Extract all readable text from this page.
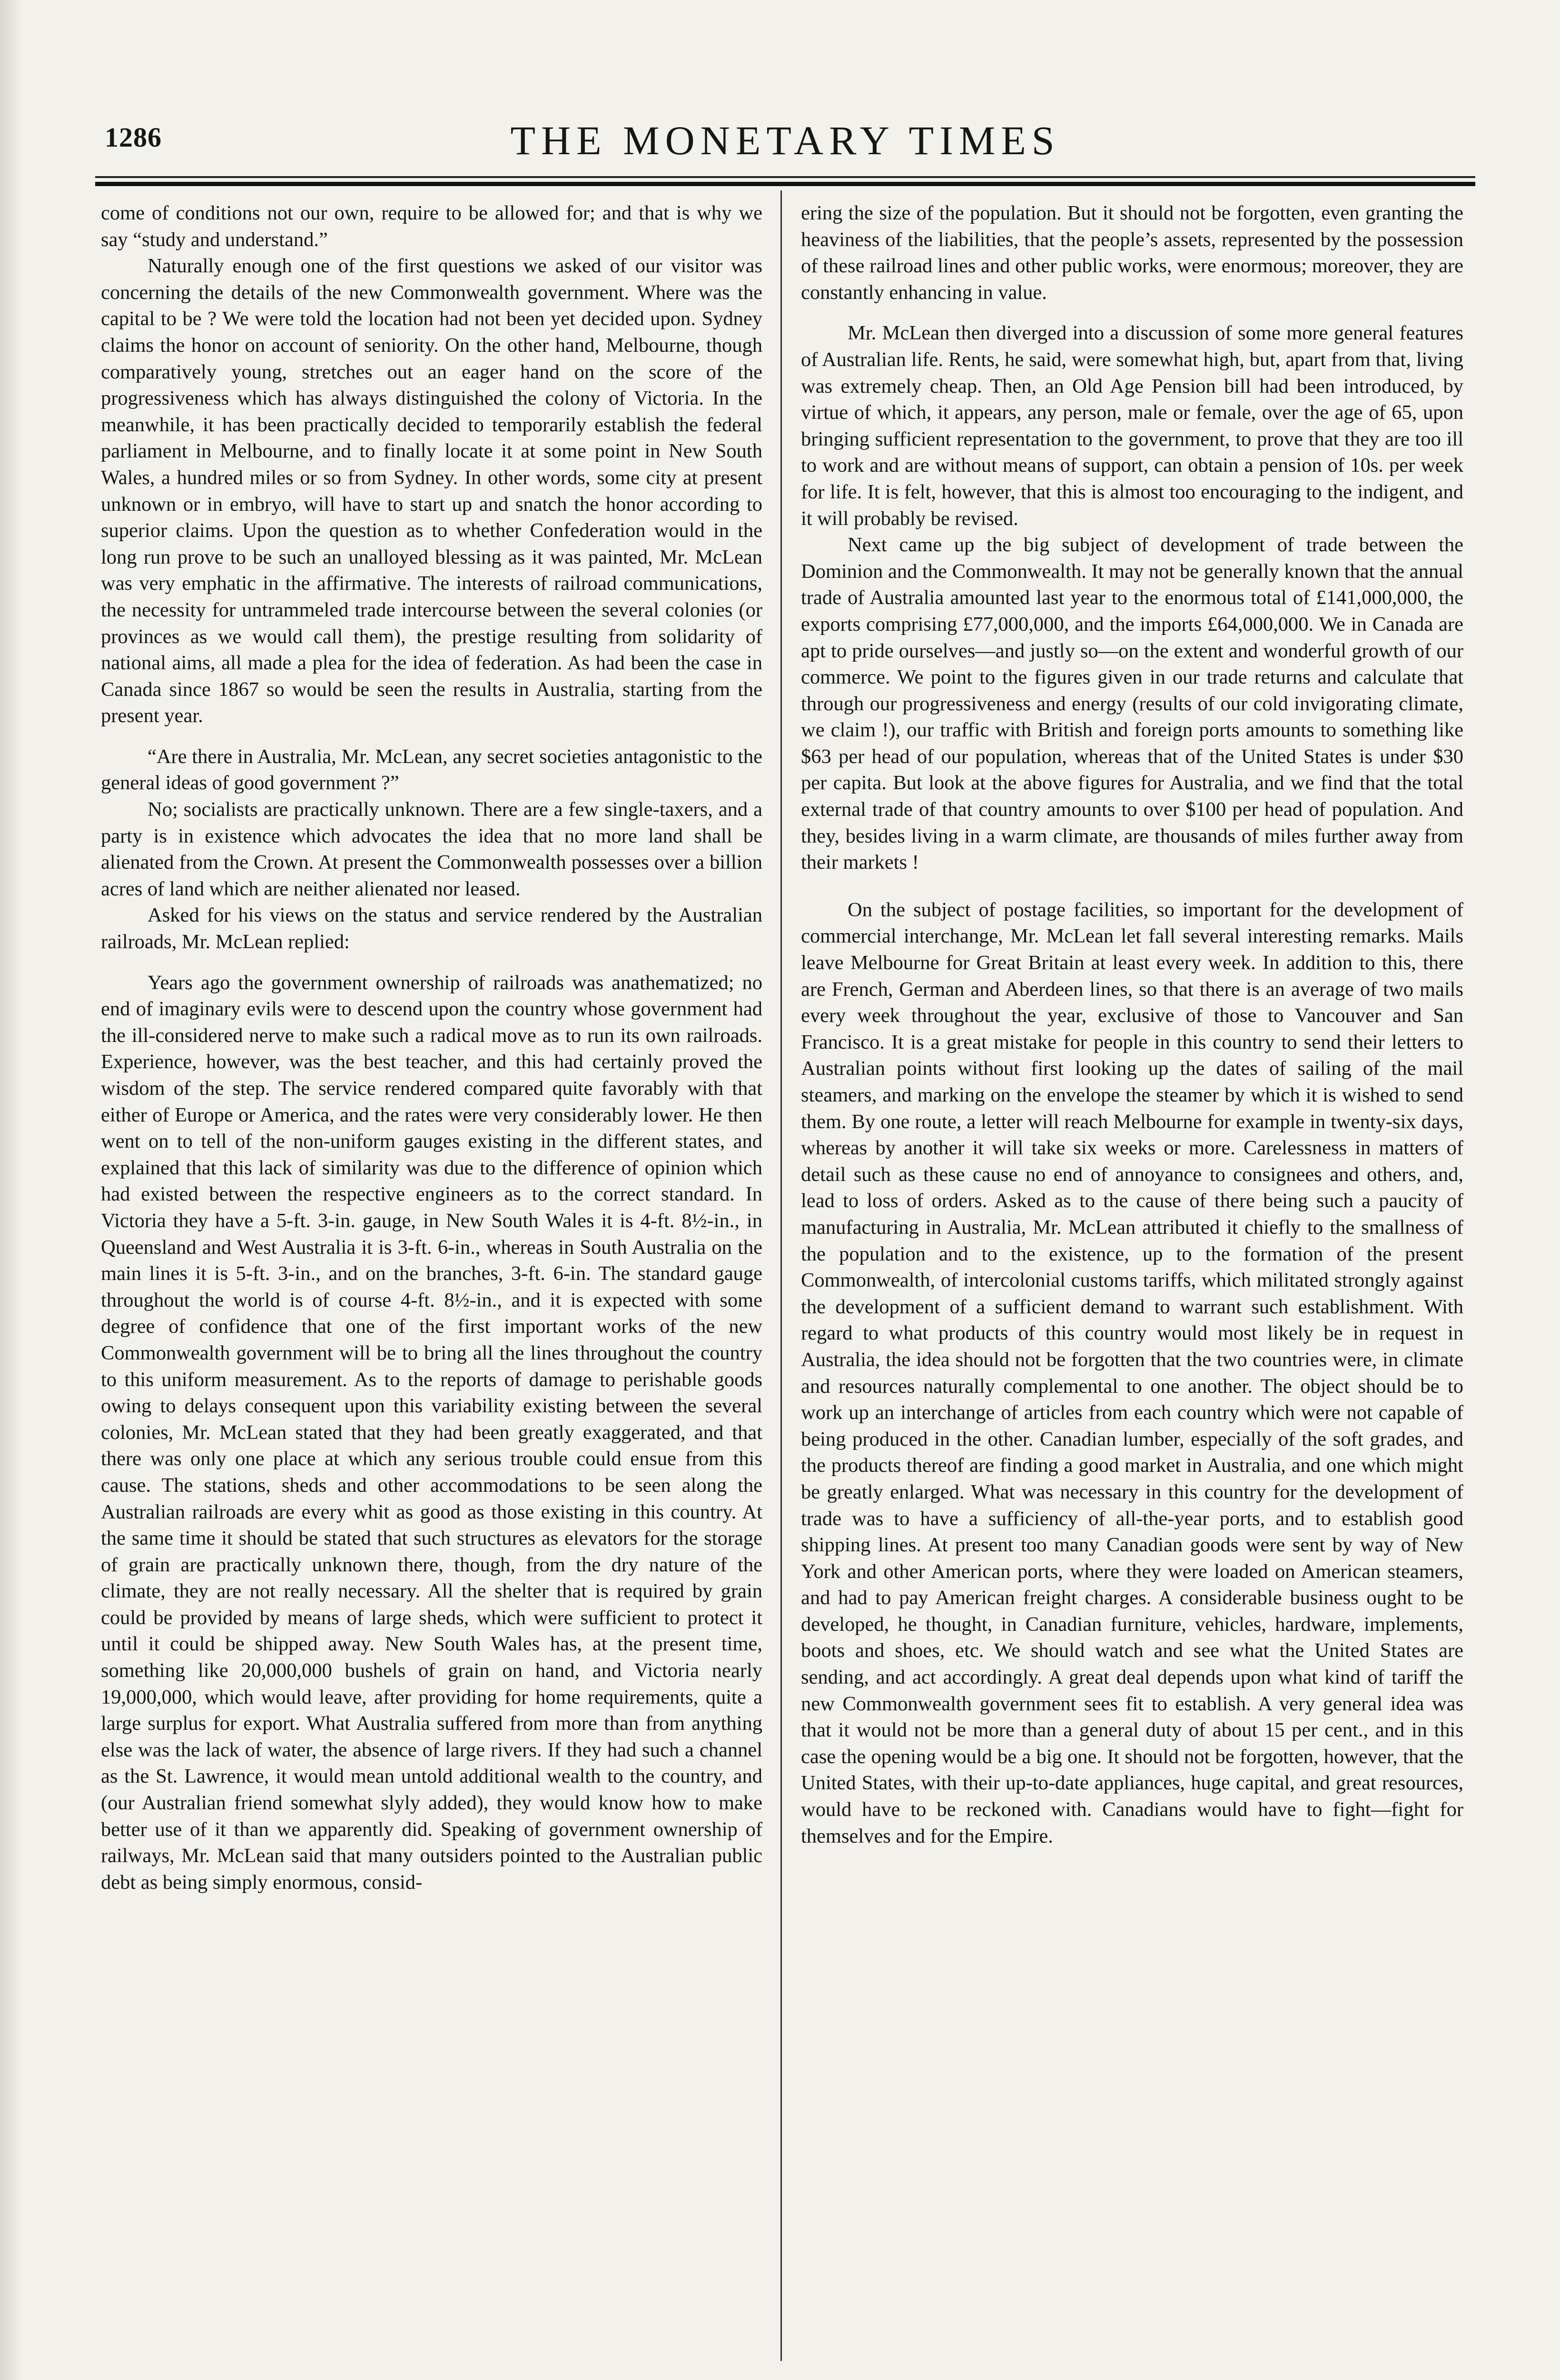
1286	THE MONETARY TIMES

come of conditions not our own, require to be allowed for; and that is why we say “study and understand.”

Naturally enough one of the first questions we asked of our visitor was concerning the details of the new Commonwealth government. Where was the capital to be ? We were told the location had not been yet decided upon. Sydney claims the honor on account of seniority. On the other hand, Melbourne, though comparatively young, stretches out an eager hand on the score of the progressiveness which has always distinguished the colony of Victoria. In the meanwhile, it has been practically decided to temporarily establish the federal parliament in Melbourne, and to finally locate it at some point in New South Wales, a hundred miles or so from Sydney. In other words, some city at present unknown or in embryo, will have to start up and snatch the honor according to superior claims. Upon the question as to whether Confederation would in the long run prove to be such an unalloyed blessing as it was painted, Mr. McLean was very emphatic in the affirmative. The interests of railroad communications, the necessity for untrammeled trade intercourse between the several colonies (or provinces as we would call them), the prestige resulting from solidarity of national aims, all made a plea for the idea of federation. As had been the case in Canada since 1867 so would be seen the results in Australia, starting from the present year.

“Are there in Australia, Mr. McLean, any secret societies antagonistic to the general ideas of good government ?”

No; socialists are practically unknown. There are a few single-taxers, and a party is in existence which advocates the idea that no more land shall be alienated from the Crown. At present the Commonwealth possesses over a billion acres of land which are neither alienated nor leased.

Asked for his views on the status and service rendered by the Australian railroads, Mr. McLean replied:

Years ago the government ownership of railroads was anathematized; no end of imaginary evils were to descend upon the country whose government had the ill-considered nerve to make such a radical move as to run its own railroads. Experience, however, was the best teacher, and this had certainly proved the wisdom of the step. The service rendered compared quite favorably with that either of Europe or America, and the rates were very considerably lower. He then went on to tell of the non-uniform gauges existing in the different states, and explained that this lack of similarity was due to the difference of opinion which had existed between the respective engineers as to the correct standard. In Victoria they have a 5-ft. 3-in. gauge, in New South Wales it is 4-ft. 8½-in., in Queensland and West Australia it is 3-ft. 6-in., whereas in South Australia on the main lines it is 5-ft. 3-in., and on the branches, 3-ft. 6-in. The standard gauge throughout the world is of course 4-ft. 8½-in., and it is expected with some degree of confidence that one of the first important works of the new Commonwealth government will be to bring all the lines throughout the country to this uniform measurement. As to the reports of damage to perishable goods owing to delays consequent upon this variability existing between the several colonies, Mr. McLean stated that they had been greatly exaggerated, and that there was only one place at which any serious trouble could ensue from this cause. The stations, sheds and other accommodations to be seen along the Australian railroads are every whit as good as those existing in this country. At the same time it should be stated that such structures as elevators for the storage of grain are practically unknown there, though, from the dry nature of the climate, they are not really necessary. All the shelter that is required by grain could be provided by means of large sheds, which were sufficient to protect it until it could be shipped away. New South Wales has, at the present time, something like 20,000,000 bushels of grain on hand, and Victoria nearly 19,000,000, which would leave, after providing for home requirements, quite a large surplus for export. What Australia suffered from more than from anything else was the lack of water, the absence of large rivers. If they had such a channel as the St. Lawrence, it would mean untold additional wealth to the country, and (our Australian friend somewhat slyly added), they would know how to make better use of it than we apparently did. Speaking of government ownership of railways, Mr. McLean said that many outsiders pointed to the Australian public debt as being simply enormous, consid-

ering the size of the population. But it should not be forgotten, even granting the heaviness of the liabilities, that the people’s assets, represented by the possession of these railroad lines and other public works, were enormous; moreover, they are constantly enhancing in value.

Mr. McLean then diverged into a discussion of some more general features of Australian life. Rents, he said, were somewhat high, but, apart from that, living was extremely cheap. Then, an Old Age Pension bill had been introduced, by virtue of which, it appears, any person, male or female, over the age of 65, upon bringing sufficient representation to the government, to prove that they are too ill to work and are without means of support, can obtain a pension of 10s. per week for life. It is felt, however, that this is almost too encouraging to the indigent, and it will probably be revised.

Next came up the big subject of development of trade between the Dominion and the Commonwealth. It may not be generally known that the annual trade of Australia amounted last year to the enormous total of £141,000,000, the exports comprising £77,000,000, and the imports £64,000,000. We in Canada are apt to pride ourselves—and justly so—on the extent and wonderful growth of our commerce. We point to the figures given in our trade returns and calculate that through our progressiveness and energy (results of our cold invigorating climate, we claim !), our traffic with British and foreign ports amounts to something like $63 per head of our population, whereas that of the United States is under $30 per capita. But look at the above figures for Australia, and we find that the total external trade of that country amounts to over $100 per head of population. And they, besides living in a warm climate, are thousands of miles further away from their markets !

On the subject of postage facilities, so important for the development of commercial interchange, Mr. McLean let fall several interesting remarks. Mails leave Melbourne for Great Britain at least every week. In addition to this, there are French, German and Aberdeen lines, so that there is an average of two mails every week throughout the year, exclusive of those to Vancouver and San Francisco. It is a great mistake for people in this country to send their letters to Australian points without first looking up the dates of sailing of the mail steamers, and marking on the envelope the steamer by which it is wished to send them. By one route, a letter will reach Melbourne for example in twenty-six days, whereas by another it will take six weeks or more. Carelessness in matters of detail such as these cause no end of annoyance to consignees and others, and, lead to loss of orders. Asked as to the cause of there being such a paucity of manufacturing in Australia, Mr. McLean attributed it chiefly to the smallness of the population and to the existence, up to the formation of the present Commonwealth, of intercolonial customs tariffs, which militated strongly against the development of a sufficient demand to warrant such establishment. With regard to what products of this country would most likely be in request in Australia, the idea should not be forgotten that the two countries were, in climate and resources naturally complemental to one another. The object should be to work up an interchange of articles from each country which were not capable of being produced in the other. Canadian lumber, especially of the soft grades, and the products thereof are finding a good market in Australia, and one which might be greatly enlarged. What was necessary in this country for the development of trade was to have a sufficiency of all-the-year ports, and to establish good shipping lines. At present too many Canadian goods were sent by way of New York and other American ports, where they were loaded on American steamers, and had to pay American freight charges. A considerable business ought to be developed, he thought, in Canadian furniture, vehicles, hardware, implements, boots and shoes, etc. We should watch and see what the United States are sending, and act accordingly. A great deal depends upon what kind of tariff the new Commonwealth government sees fit to establish. A very general idea was that it would not be more than a general duty of about 15 per cent., and in this case the opening would be a big one. It should not be forgotten, however, that the United States, with their up-to-date appliances, huge capital, and great resources, would have to be reckoned with. Canadians would have to fight—fight for themselves and for the Empire.
